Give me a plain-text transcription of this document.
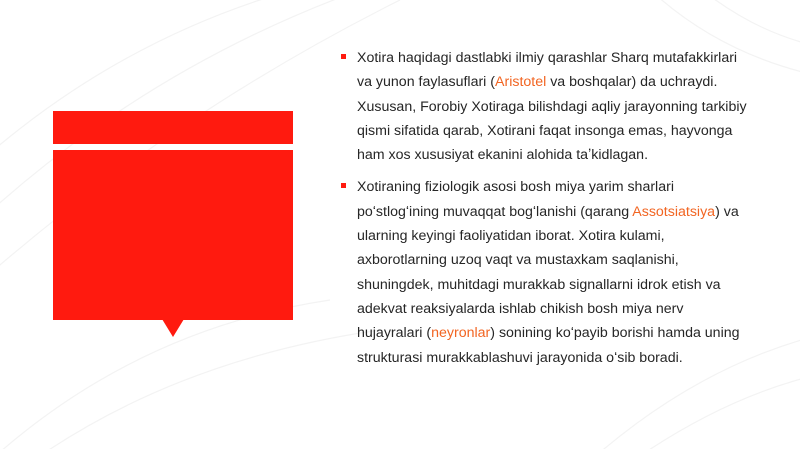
Xotira haqidagi dastlabki ilmiy qarashlar Sharq mutafakkirlari va yunon faylasuflari (Aristotel va boshqalar) da uchraydi. Xususan, Forobiy Xotiraga bilishdagi aqliy jarayonning tarkibiy qismi sifatida qarab, Xotirani faqat insonga emas, hayvonga ham xos xususiyat ekanini alohida taʼkidlagan.

Xotiraning fiziologik asosi bosh miya yarim sharlari poʻstlogʻining muvaqqat bogʻlanishi (qarang Assotsiatsiya) va ularning keyingi faoliyatidan iborat. Xotira kulami, axborotlarning uzoq vaqt va mustaxkam saqlanishi, shuningdek, muhitdagi murakkab signallarni idrok etish va adekvat reaksiyalarda ishlab chikish bosh miya nerv hujayralari (neyronlar) sonining koʻpayib borishi hamda uning strukturasi murakkablashuvi jarayonida oʻsib boradi.
